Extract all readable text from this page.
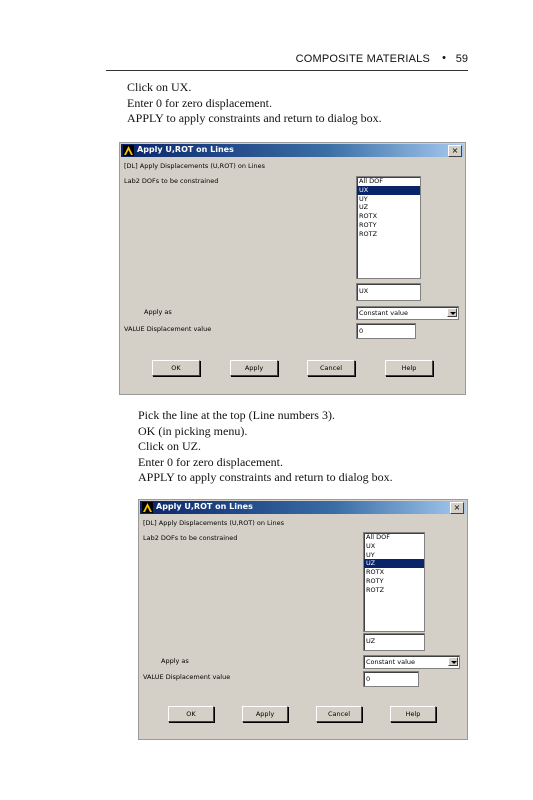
COMPOSITE MATERIALS • 59
Click on UX.
Enter 0 for zero displacement.
APPLY to apply constraints and return to dialog box.
Apply U,ROT on Lines	×
[DL] Apply Displacements (U,ROT) on Lines
Lab2 DOFs to be constrained	All DOF
UX
UY
UZ
ROTX
ROTY
ROTZ
UX
Apply as	Constant value
VALUE Displacement value	0
OK	Apply	Cancel	Help
Pick the line at the top (Line numbers 3).
OK (in picking menu).
Click on UZ.
Enter 0 for zero displacement.
APPLY to apply constraints and return to dialog box.
Apply U,ROT on Lines	×
[DL] Apply Displacements (U,ROT) on Lines
Lab2 DOFs to be constrained	All DOF
UX
UY
UZ
ROTX
ROTY
ROTZ
UZ
Apply as	Constant value
VALUE Displacement value	0
OK	Apply	Cancel	Help
